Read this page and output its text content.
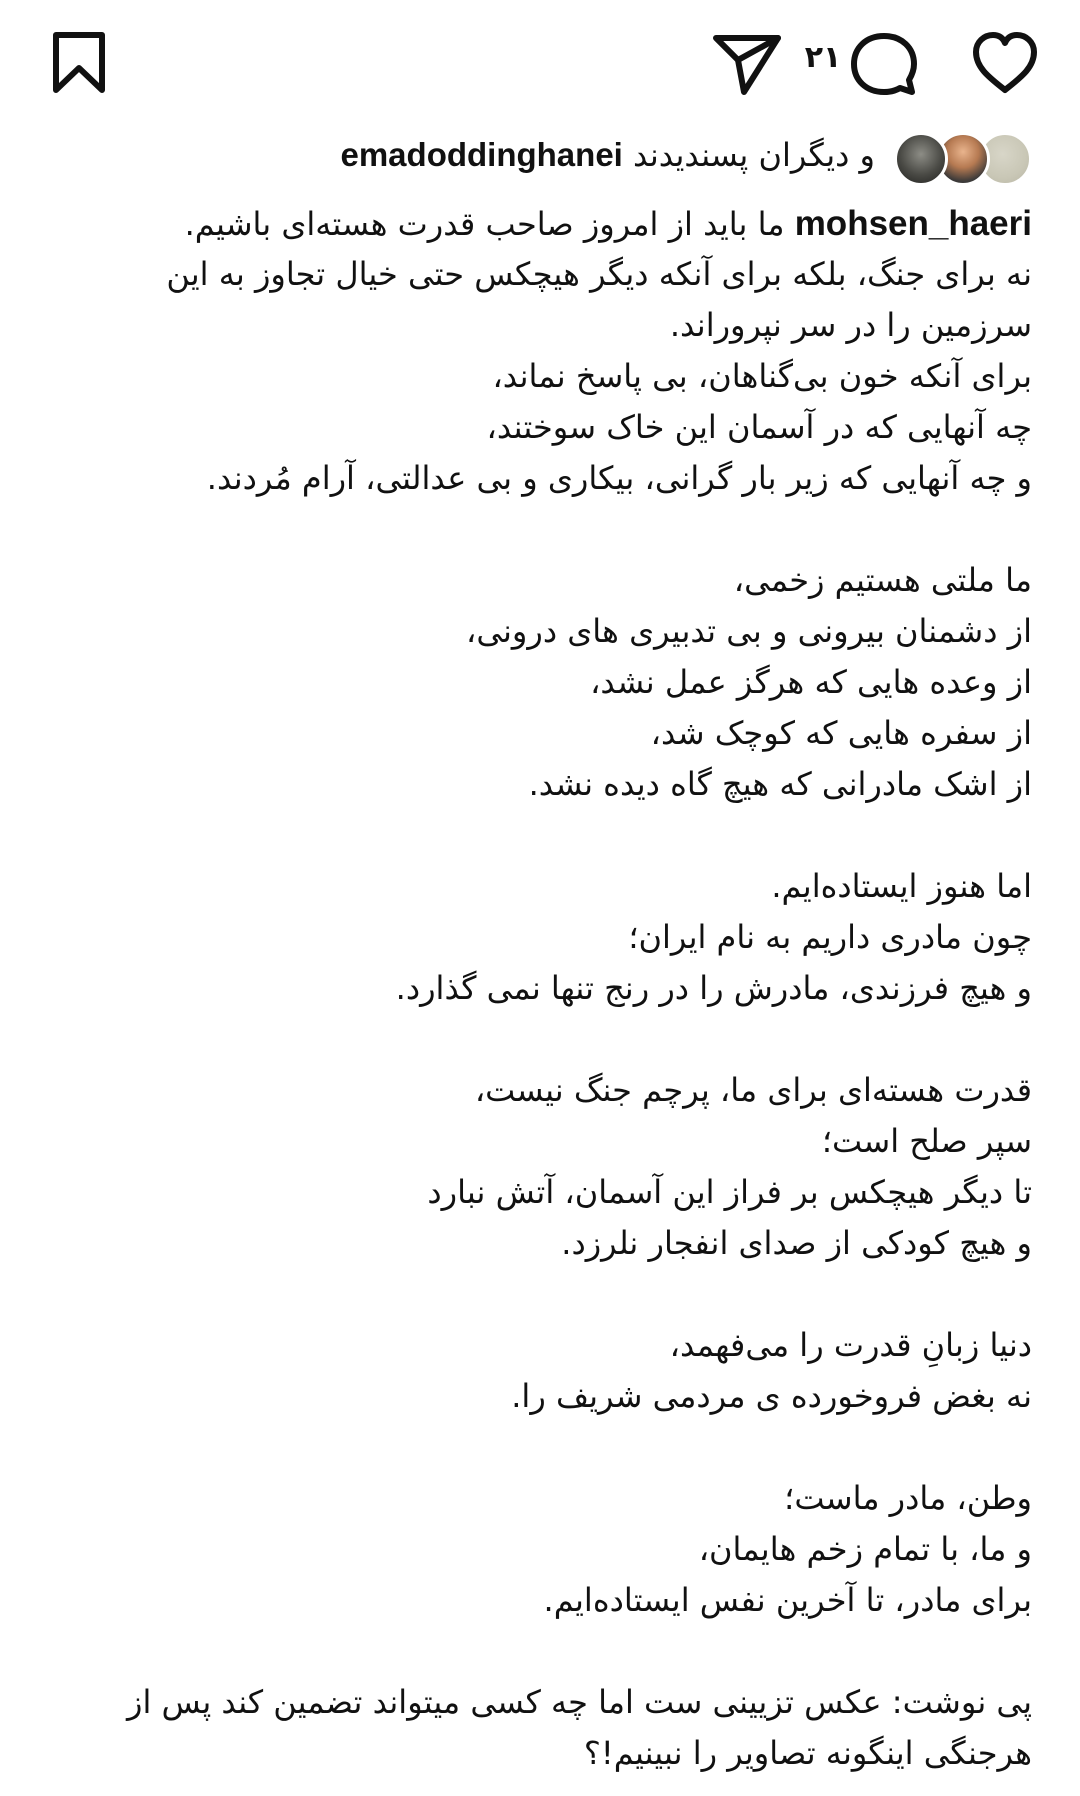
۲۱
و دیگران پسندیدند emadoddinghanei
mohsen_haeri ما باید از امروز صاحب قدرت هسته‌ای باشیم.
نه برای جنگ، بلکه برای آنکه دیگر هیچکس حتی خیال تجاوز به این
سرزمین را در سر نپروراند.
برای آنکه خون بی‌گناهان، بی پاسخ نماند،
چه آنهایی که در آسمان این خاک سوختند،
و چه آنهایی که زیر بار گرانی، بیکاری و بی عدالتی، آرام مُردند.
ما ملتی هستیم زخمی،
از دشمنان بیرونی و بی تدبیری های درونی،
از وعده هایی که هرگز عمل نشد،
از سفره هایی که کوچک شد،
از اشک مادرانی که هیچ گاه دیده نشد.
اما هنوز ایستاده‌ایم.
چون مادری داریم به نام ایران؛
و هیچ فرزندی، مادرش را در رنج تنها نمی گذارد.
قدرت هسته‌ای برای ما، پرچم جنگ نیست،
سپر صلح است؛
تا دیگر هیچکس بر فراز این آسمان، آتش نبارد
و هیچ کودکی از صدای انفجار نلرزد.
دنیا زبانِ قدرت را می‌فهمد،
نه بغض فروخورده ی مردمی شریف را.
وطن، مادر ماست؛
و ما، با تمام زخم هایمان،
برای مادر، تا آخرین نفس ایستاده‌ایم.
پی نوشت: عکس تزیینی ست اما چه کسی میتواند تضمین کند پس از
هرجنگی اینگونه تصاویر را نبینیم!؟
